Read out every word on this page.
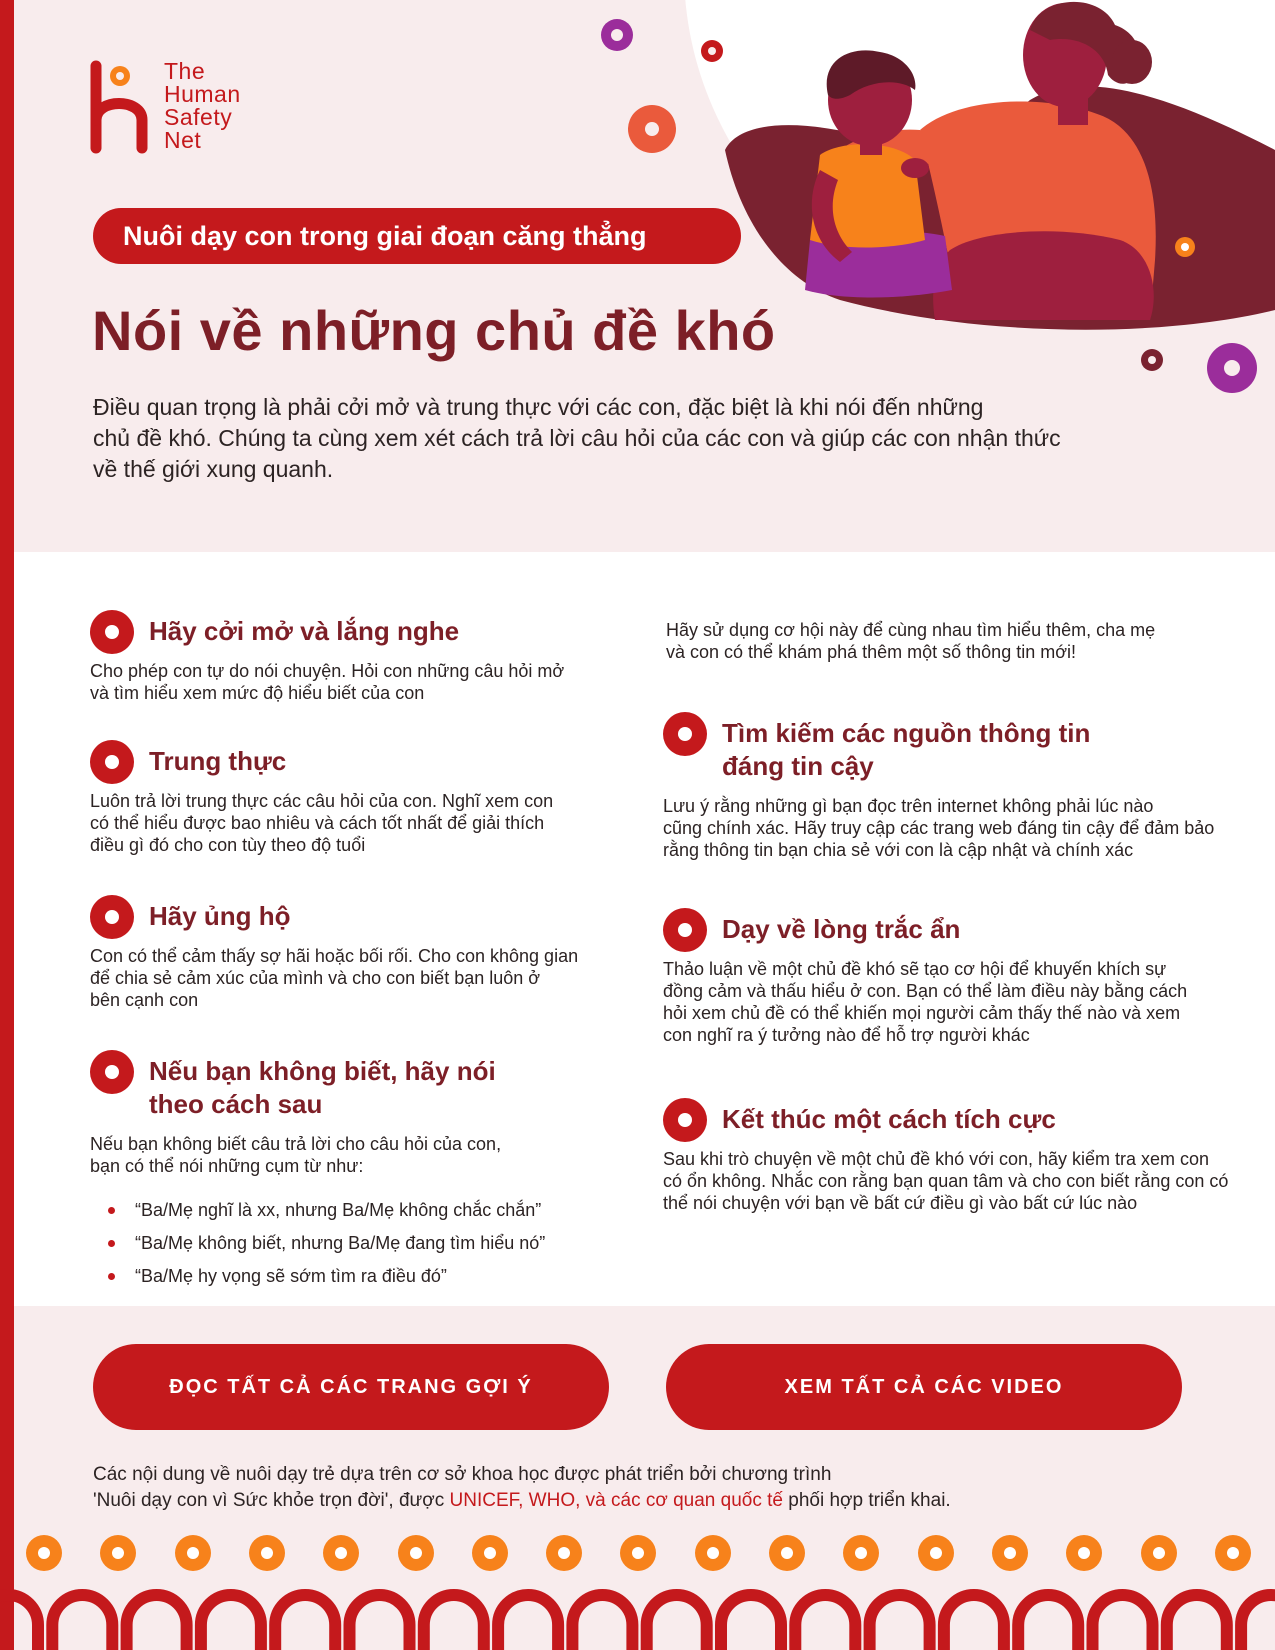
The
Human
Safety
Net
Nuôi dạy con trong giai đoạn căng thẳng
Nói về những chủ đề khó
Điều quan trọng là phải cởi mở và trung thực với các con, đặc biệt là khi nói đến những
chủ đề khó. Chúng ta cùng xem xét cách trả lời câu hỏi của các con và giúp các con nhận thức
về thế giới xung quanh.
Hãy cởi mở và lắng nghe
Cho phép con tự do nói chuyện. Hỏi con những câu hỏi mở
và tìm hiểu xem mức độ hiểu biết của con
Trung thực
Luôn trả lời trung thực các câu hỏi của con. Nghĩ xem con
có thể hiểu được bao nhiêu và cách tốt nhất để giải thích
điều gì đó cho con tùy theo độ tuổi
Hãy ủng hộ
Con có thể cảm thấy sợ hãi hoặc bối rối. Cho con không gian
để chia sẻ cảm xúc của mình và cho con biết bạn luôn ở
bên cạnh con
Nếu bạn không biết, hãy nói
theo cách sau
Nếu bạn không biết câu trả lời cho câu hỏi của con,
bạn có thể nói những cụm từ như:
“Ba/Mẹ nghĩ là xx, nhưng Ba/Mẹ không chắc chắn”
“Ba/Mẹ không biết, nhưng Ba/Mẹ đang tìm hiểu nó”
“Ba/Mẹ hy vọng sẽ sớm tìm ra điều đó”
Hãy sử dụng cơ hội này để cùng nhau tìm hiểu thêm, cha mẹ
và con có thể khám phá thêm một số thông tin mới!
Tìm kiếm các nguồn thông tin
đáng tin cậy
Lưu ý rằng những gì bạn đọc trên internet không phải lúc nào
cũng chính xác. Hãy truy cập các trang web đáng tin cậy để đảm bảo
rằng thông tin bạn chia sẻ với con là cập nhật và chính xác
Dạy về lòng trắc ẩn
Thảo luận về một chủ đề khó sẽ tạo cơ hội để khuyến khích sự
đồng cảm và thấu hiểu ở con. Bạn có thể làm điều này bằng cách
hỏi xem chủ đề có thể khiến mọi người cảm thấy thế nào và xem
con nghĩ ra ý tưởng nào để hỗ trợ người khác
Kết thúc một cách tích cực
Sau khi trò chuyện về một chủ đề khó với con, hãy kiểm tra xem con
có ổn không. Nhắc con rằng bạn quan tâm và cho con biết rằng con có
thể nói chuyện với bạn về bất cứ điều gì vào bất cứ lúc nào
ĐỌC TẤT CẢ CÁC TRANG GỢI Ý	XEM TẤT CẢ CÁC VIDEO
Các nội dung về nuôi dạy trẻ dựa trên cơ sở khoa học được phát triển bởi chương trình
'Nuôi dạy con vì Sức khỏe trọn đời', được UNICEF, WHO, và các cơ quan quốc tế phối hợp triển khai.
